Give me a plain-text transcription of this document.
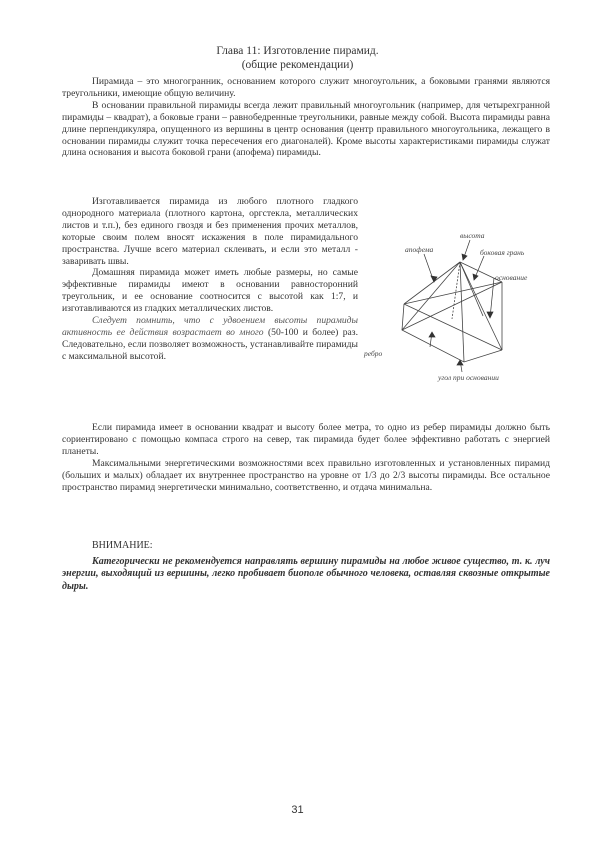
Глава 11: Изготовление пирамид.
(общие рекомендации)

Пирамида – это многогранник, основанием которого служит многоугольник, а боковыми гранями являются треугольники, имеющие общую величину.

В основании правильной пирамиды всегда лежит правильный многоугольник (например, для четырехгранной пирамиды – квадрат), а боковые грани – равнобедренные треугольники, равные между собой. Высота пирамиды равна длине перпендикуляра, опущенного из вершины в центр основания (центр правильного многоугольника, лежащего в основании пирамиды служит точка пересечения его диагоналей). Кроме высоты характеристиками пирамиды служат длина основания и высота боковой грани (апофема) пирамиды.

Изготавливается пирамида из любого плотного гладкого однородного материала (плотного картона, оргстекла, металлических листов и т.п.), без единого гвоздя и без применения прочих металлов, которые своим полем вносят искажения в поле пирамидального пространства. Лучше всего материал склеивать, и если это металл - заваривать швы.

Домашняя пирамида может иметь любые размеры, но самые эффективные пирамиды имеют в основании равносторонний треугольник, и ее основание соотносится с высотой как 1:7, и изготавливаются из гладких металлических листов.

Следует помнить, что с удвоением высоты пирамиды активность ее действия возрастает во много (50-100 и более) раз. Следовательно, если позволяет возможность, устанавливайте пирамиды с максимальной высотой.

апофема
высота
боковая грань
основание
ребро
угол при основании

Если пирамида имеет в основании квадрат и высоту более метра, то одно из ребер пирамиды должно быть сориентировано с помощью компаса строго на север, так пирамида будет более эффективно работать с энергией планеты.

Максимальными энергетическими возможностями всех правильно изготовленных и установленных пирамид (больших и малых) обладает их внутреннее пространство на уровне от 1/3 до 2/3 высоты пирамиды. Все остальное пространство пирамид энергетически минимально, соответственно, и отдача минимальна.

ВНИМАНИЕ:

Категорически не рекомендуется направлять вершину пирамиды на любое живое существо, т. к. луч энергии, выходящий из вершины, легко пробивает биополе обычного человека, оставляя сквозные открытые дыры.

31
